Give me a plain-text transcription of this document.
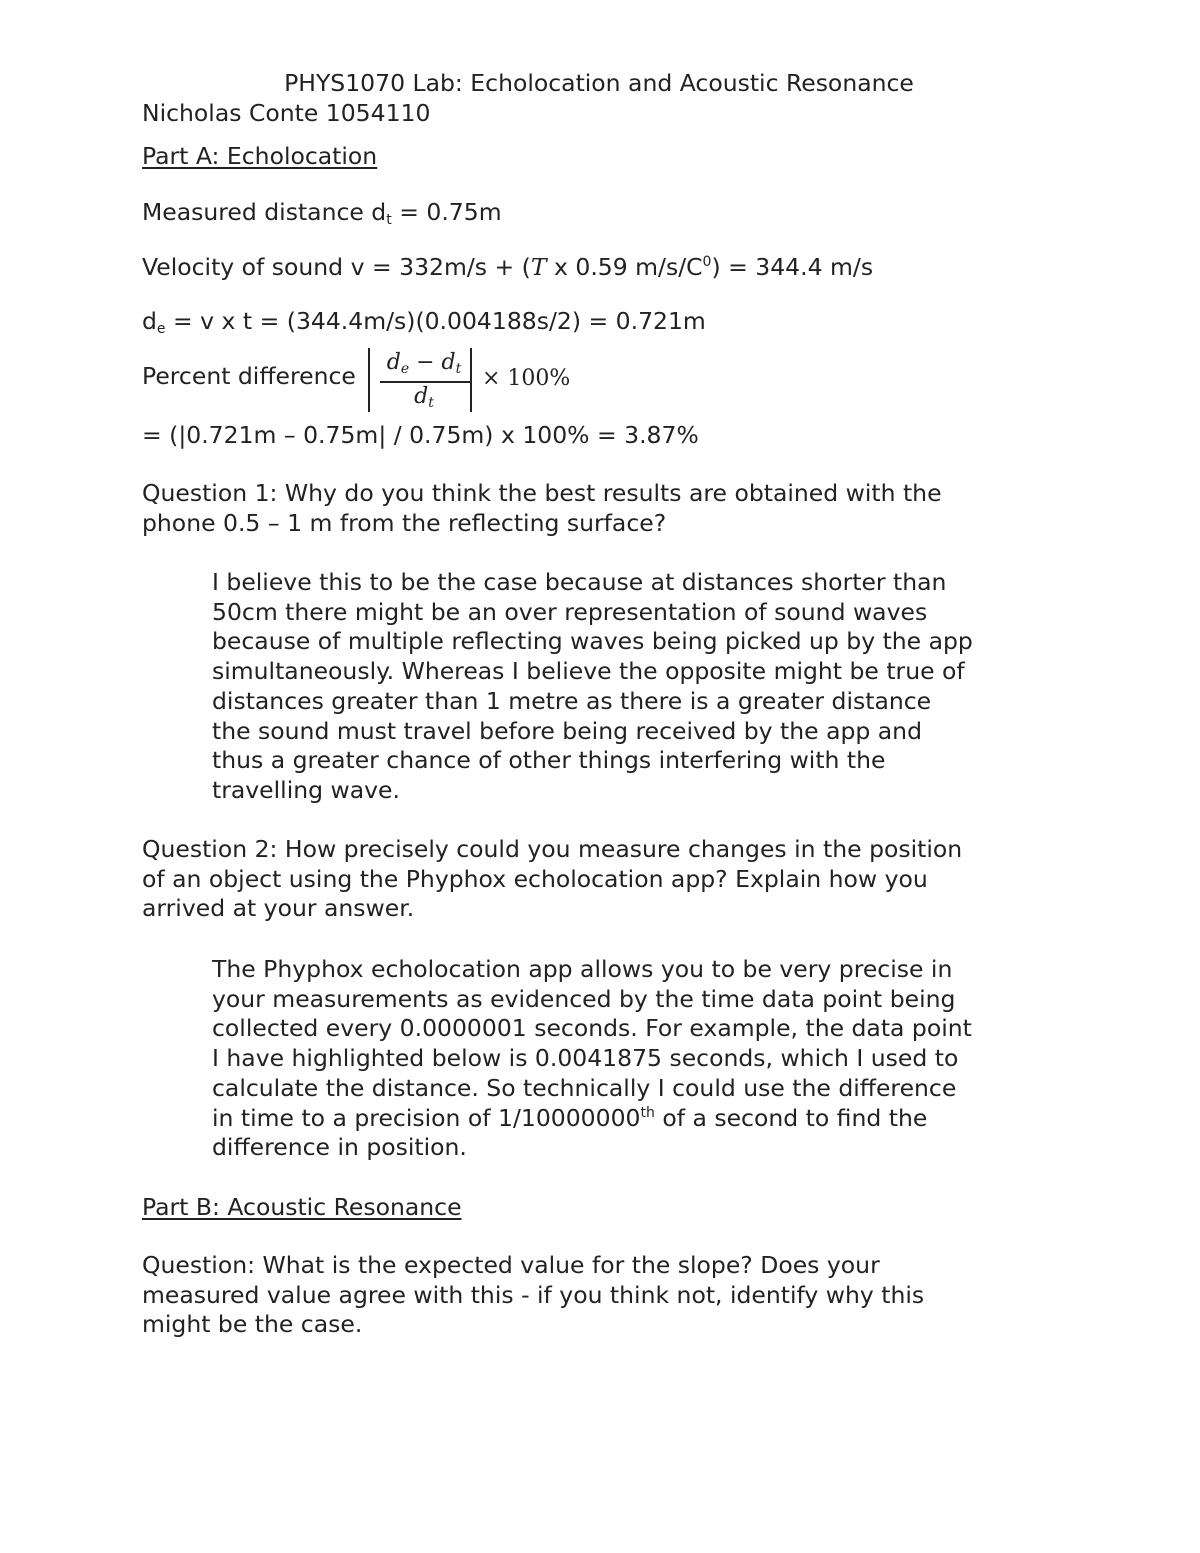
PHYS1070 Lab: Echolocation and Acoustic Resonance
Nicholas Conte 1054110
Part A: Echolocation
Measured distance $d_t = 0.75m$
Velocity of sound v = 332m/s + (T x 0.59 $m/s/C^0) = 344.4$ m/s
$d_e = v$ x t = (344.4m/s)(0.004188s/2) = 0.721m
Percent difference	$d_e - d_t$
$d_t$
× 100%
= (|0.721m – 0.75m| / 0.75m) x 100% = 3.87%
Question 1: Why do you think the best results are obtained with the
phone 0.5 – 1 m from the reflecting surface?
I believe this to be the case because at distances shorter than
50cm there might be an over representation of sound waves
because of multiple reflecting waves being picked up by the app
simultaneously. Whereas I believe the opposite might be true of
distances greater than 1 metre as there is a greater distance
the sound must travel before being received by the app and
thus a greater chance of other things interfering with the
travelling wave.
Question 2: How precisely could you measure changes in the position
of an object using the Phyphox echolocation app? Explain how you
arrived at your answer.
The Phyphox echolocation app allows you to be very precise in
your measurements as evidenced by the time data point being
collected every 0.0000001 seconds. For example, the data point
I have highlighted below is 0.0041875 seconds, which I used to
calculate the distance. So technically I could use the difference
in time to a precision of 1/10000000th of a second to find the
difference in position.
Part B: Acoustic Resonance
Question: What is the expected value for the slope? Does your
measured value agree with this - if you think not, identify why this
might be the case.
